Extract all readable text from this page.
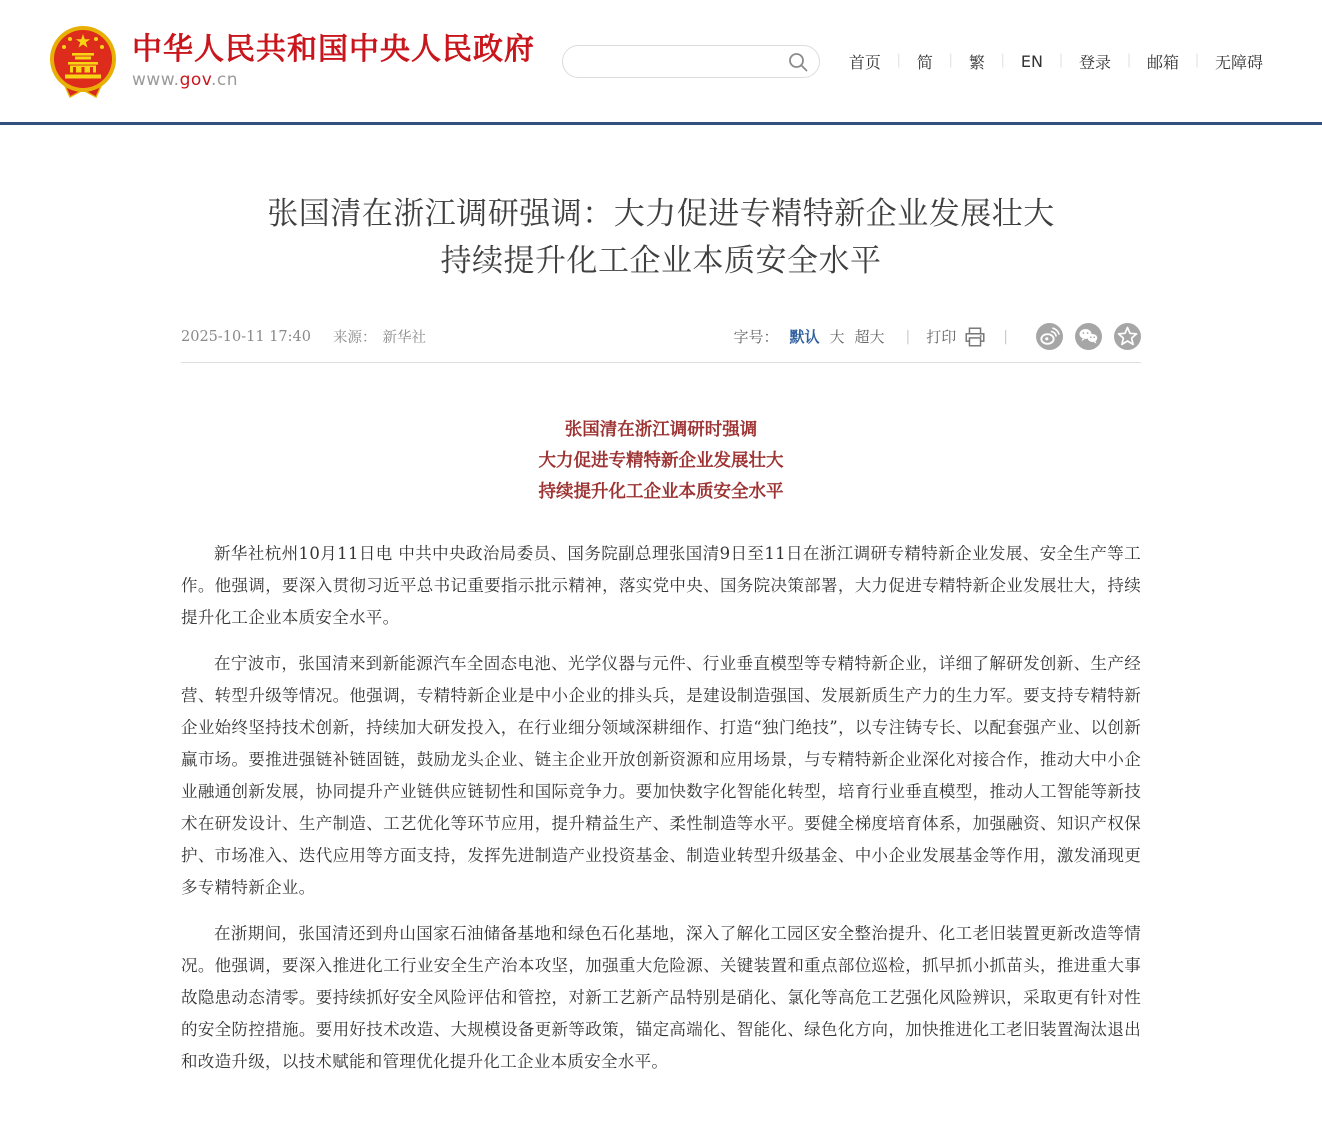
中华人民共和国中央人民政府
www.gov.cn
首页 ｜ 简 ｜ 繁 ｜ EN ｜ 登录 ｜ 邮箱 ｜ 无障碍
张国清在浙江调研强调：大力促进专精特新企业发展壮大
持续提升化工企业本质安全水平
2025-10-11 17:40 来源： 新华社	字号： 默认 大 超大	| 打印	|
张国清在浙江调研时强调
大力促进专精特新企业发展壮大
持续提升化工企业本质安全水平

新华社杭州10月11日电 中共中央政治局委员、国务院副总理张国清9日至11日在浙江调研专精特新企业发展、安全生产等工作。他强调，要深入贯彻习近平总书记重要指示批示精神，落实党中央、国务院决策部署，大力促进专精特新企业发展壮大，持续提升化工企业本质安全水平。

在宁波市，张国清来到新能源汽车全固态电池、光学仪器与元件、行业垂直模型等专精特新企业，详细了解研发创新、生产经营、转型升级等情况。他强调，专精特新企业是中小企业的排头兵，是建设制造强国、发展新质生产力的生力军。要支持专精特新企业始终坚持技术创新，持续加大研发投入，在行业细分领域深耕细作、打造“独门绝技”，以专注铸专长、以配套强产业、以创新赢市场。要推进强链补链固链，鼓励龙头企业、链主企业开放创新资源和应用场景，与专精特新企业深化对接合作，推动大中小企业融通创新发展，协同提升产业链供应链韧性和国际竞争力。要加快数字化智能化转型，培育行业垂直模型，推动人工智能等新技术在研发设计、生产制造、工艺优化等环节应用，提升精益生产、柔性制造等水平。要健全梯度培育体系，加强融资、知识产权保护、市场准入、迭代应用等方面支持，发挥先进制造产业投资基金、制造业转型升级基金、中小企业发展基金等作用，激发涌现更多专精特新企业。

在浙期间，张国清还到舟山国家石油储备基地和绿色石化基地，深入了解化工园区安全整治提升、化工老旧装置更新改造等情况。他强调，要深入推进化工行业安全生产治本攻坚，加强重大危险源、关键装置和重点部位巡检，抓早抓小抓苗头，推进重大事故隐患动态清零。要持续抓好安全风险评估和管控，对新工艺新产品特别是硝化、氯化等高危工艺强化风险辨识，采取更有针对性的安全防控措施。要用好技术改造、大规模设备更新等政策，锚定高端化、智能化、绿色化方向，加快推进化工老旧装置淘汰退出和改造升级，以技术赋能和管理优化提升化工企业本质安全水平。
